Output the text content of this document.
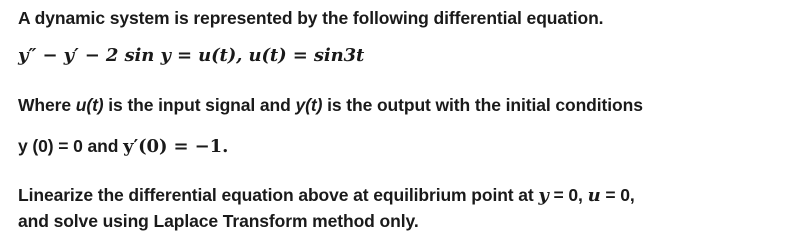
A dynamic system is represented by the following differential equation.
y″ − y′ − 2 sin y = u(t), u(t) = sin3t
Where u(t) is the input signal and y(t) is the output with the initial conditions
y (0) = 0 and y′(0) = −1.
Linearize the differential equation above at equilibrium point at y = 0, u = 0,
and solve using Laplace Transform method only.
